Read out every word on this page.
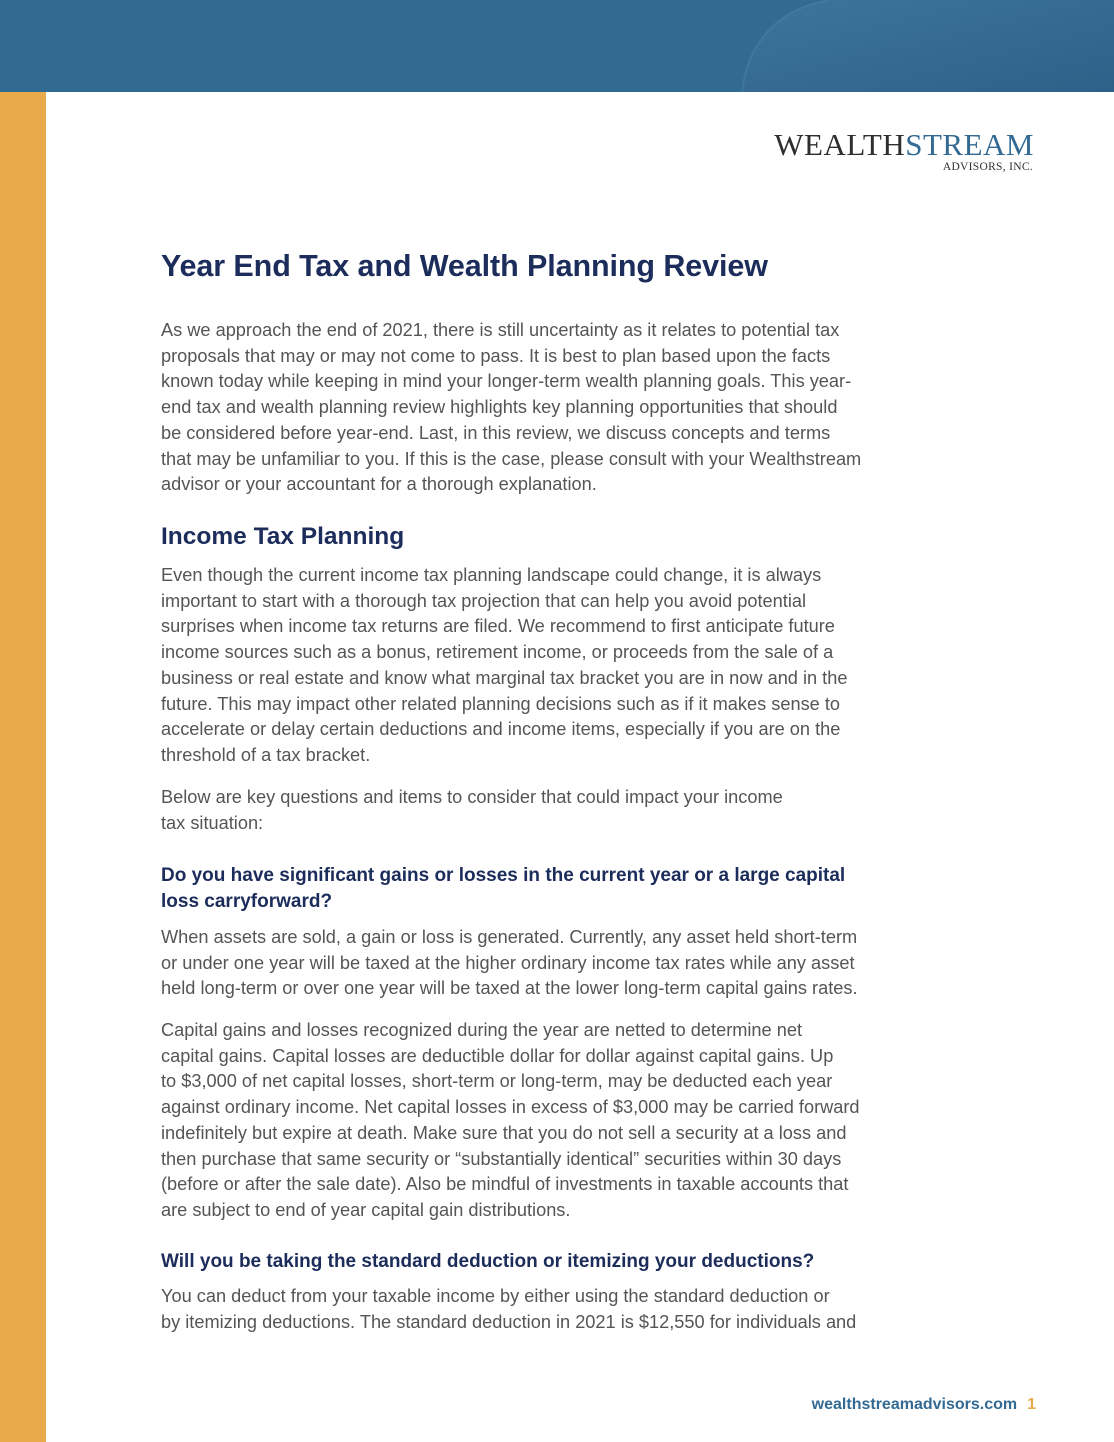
WEALTHSTREAM
ADVISORS, INC.
Year End Tax and Wealth Planning Review

As we approach the end of 2021, there is still uncertainty as it relates to potential tax
proposals that may or may not come to pass. It is best to plan based upon the facts
known today while keeping in mind your longer-term wealth planning goals. This year-
end tax and wealth planning review highlights key planning opportunities that should
be considered before year-end. Last, in this review, we discuss concepts and terms
that may be unfamiliar to you. If this is the case, please consult with your Wealthstream
advisor or your accountant for a thorough explanation.

Income Tax Planning

Even though the current income tax planning landscape could change, it is always
important to start with a thorough tax projection that can help you avoid potential
surprises when income tax returns are filed. We recommend to first anticipate future
income sources such as a bonus, retirement income, or proceeds from the sale of a
business or real estate and know what marginal tax bracket you are in now and in the
future. This may impact other related planning decisions such as if it makes sense to
accelerate or delay certain deductions and income items, especially if you are on the
threshold of a tax bracket.

Below are key questions and items to consider that could impact your income
tax situation:

Do you have significant gains or losses in the current year or a large capital
loss carryforward?

When assets are sold, a gain or loss is generated. Currently, any asset held short-term
or under one year will be taxed at the higher ordinary income tax rates while any asset
held long-term or over one year will be taxed at the lower long-term capital gains rates.

Capital gains and losses recognized during the year are netted to determine net
capital gains. Capital losses are deductible dollar for dollar against capital gains. Up
to $3,000 of net capital losses, short-term or long-term, may be deducted each year
against ordinary income. Net capital losses in excess of $3,000 may be carried forward
indefinitely but expire at death. Make sure that you do not sell a security at a loss and
then purchase that same security or “substantially identical” securities within 30 days
(before or after the sale date). Also be mindful of investments in taxable accounts that
are subject to end of year capital gain distributions.

Will you be taking the standard deduction or itemizing your deductions?

You can deduct from your taxable income by either using the standard deduction or
by itemizing deductions. The standard deduction in 2021 is $12,550 for individuals and

wealthstreamadvisors.com 1
